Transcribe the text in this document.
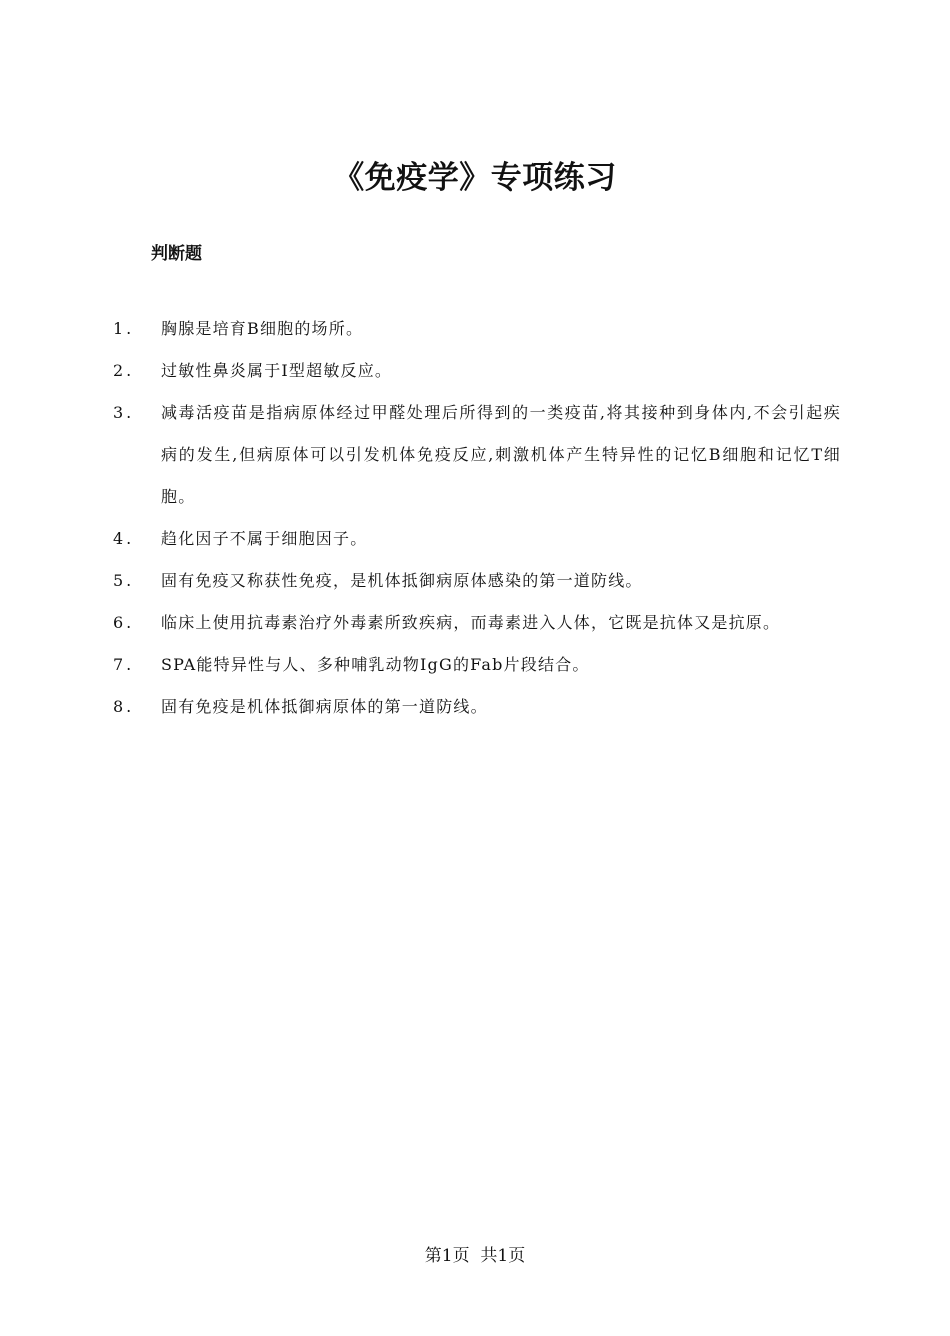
《免疫学》专项练习
判断题
1.	胸腺是培育B细胞的场所。
2.	过敏性鼻炎属于Ⅰ型超敏反应。
3.	减毒活疫苗是指病原体经过甲醛处理后所得到的一类疫苗,将其接种到身体内,不会引起疾病的发生,但病原体可以引发机体免疫反应,刺激机体产生特异性的记忆B细胞和记忆T细胞。
4.	趋化因子不属于细胞因子。
5.	固有免疫又称获性免疫，是机体抵御病原体感染的第一道防线。
6.	临床上使用抗毒素治疗外毒素所致疾病，而毒素进入人体，它既是抗体又是抗原。
7.	SPA能特异性与人、多种哺乳动物IgG的Fab片段结合。
8.	固有免疫是机体抵御病原体的第一道防线。
第1页  共1页
